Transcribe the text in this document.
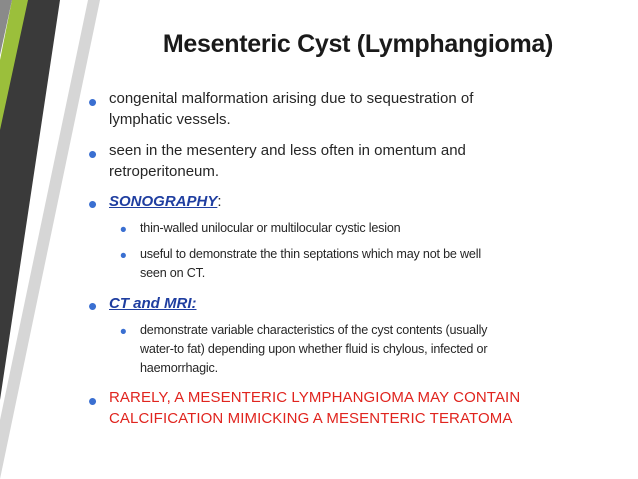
Mesenteric Cyst (Lymphangioma)
• congenital malformation arising due to sequestration of
lymphatic vessels.
• seen in the mesentery and less often in omentum and
retroperitoneum.
• SONOGRAPHY:
• thin-walled unilocular or multilocular cystic lesion
• useful to demonstrate the thin septations which may not be well
seen on CT.
• CT and MRI:
• demonstrate variable characteristics of the cyst contents (usually
water-to fat) depending upon whether fluid is chylous, infected or
haemorrhagic.
• RARELY, A MESENTERIC LYMPHANGIOMA MAY CONTAIN
CALCIFICATION MIMICKING A MESENTERIC TERATOMA
